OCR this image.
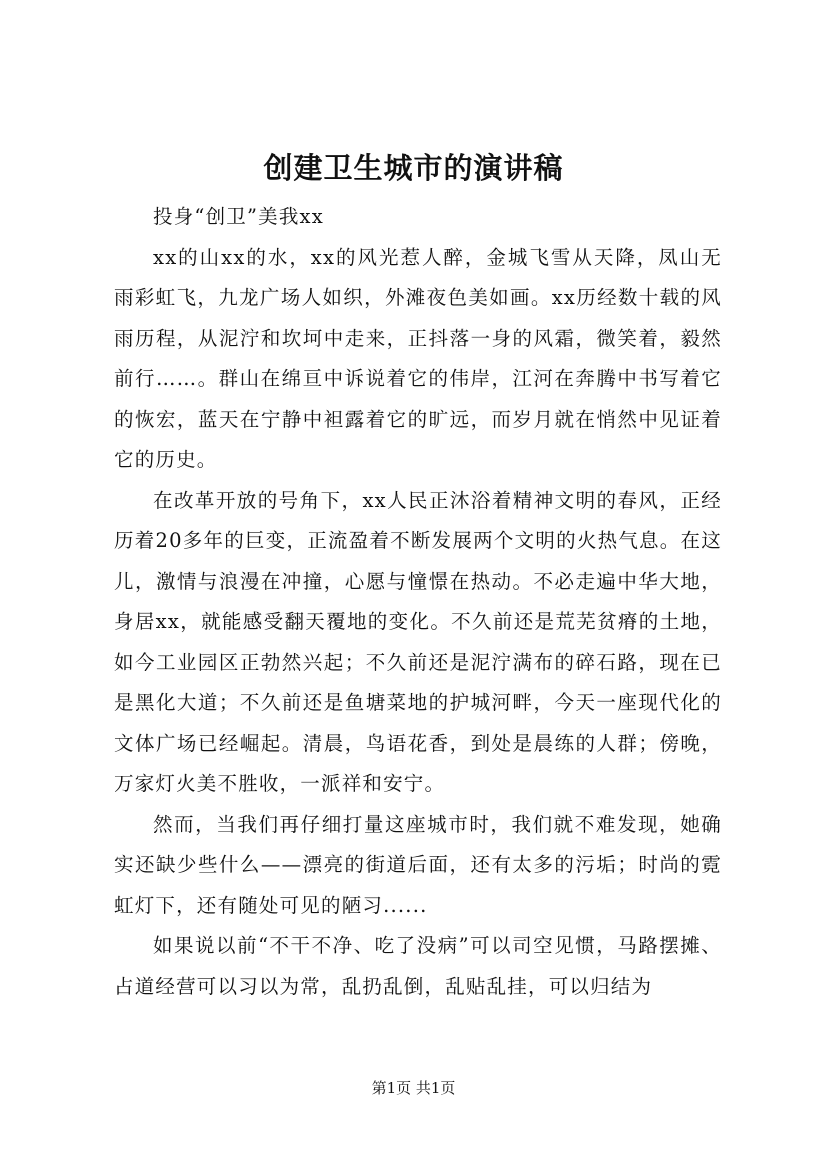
创建卫生城市的演讲稿

投身“创卫”美我xx

xx的山xx的水，xx的风光惹人醉，金城飞雪从天降，凤山无雨彩虹飞，九龙广场人如织，外滩夜色美如画。xx历经数十载的风雨历程，从泥泞和坎坷中走来，正抖落一身的风霜，微笑着，毅然前行……。群山在绵亘中诉说着它的伟岸，江河在奔腾中书写着它的恢宏，蓝天在宁静中袒露着它的旷远，而岁月就在悄然中见证着它的历史。

在改革开放的号角下，xx人民正沐浴着精神文明的春风，正经历着20多年的巨变，正流盈着不断发展两个文明的火热气息。在这儿，激情与浪漫在冲撞，心愿与憧憬在热动。不必走遍中华大地，身居xx，就能感受翻天覆地的变化。不久前还是荒芜贫瘠的土地，如今工业园区正勃然兴起；不久前还是泥泞满布的碎石路，现在已是黑化大道；不久前还是鱼塘菜地的护城河畔，今天一座现代化的文体广场已经崛起。清晨，鸟语花香，到处是晨练的人群；傍晚，万家灯火美不胜收，一派祥和安宁。

然而，当我们再仔细打量这座城市时，我们就不难发现，她确实还缺少些什么——漂亮的街道后面，还有太多的污垢；时尚的霓虹灯下，还有随处可见的陋习......

如果说以前“不干不净、吃了没病”可以司空见惯，马路摆摊、占道经营可以习以为常，乱扔乱倒，乱贴乱挂，可以归结为

第1页 共1页
